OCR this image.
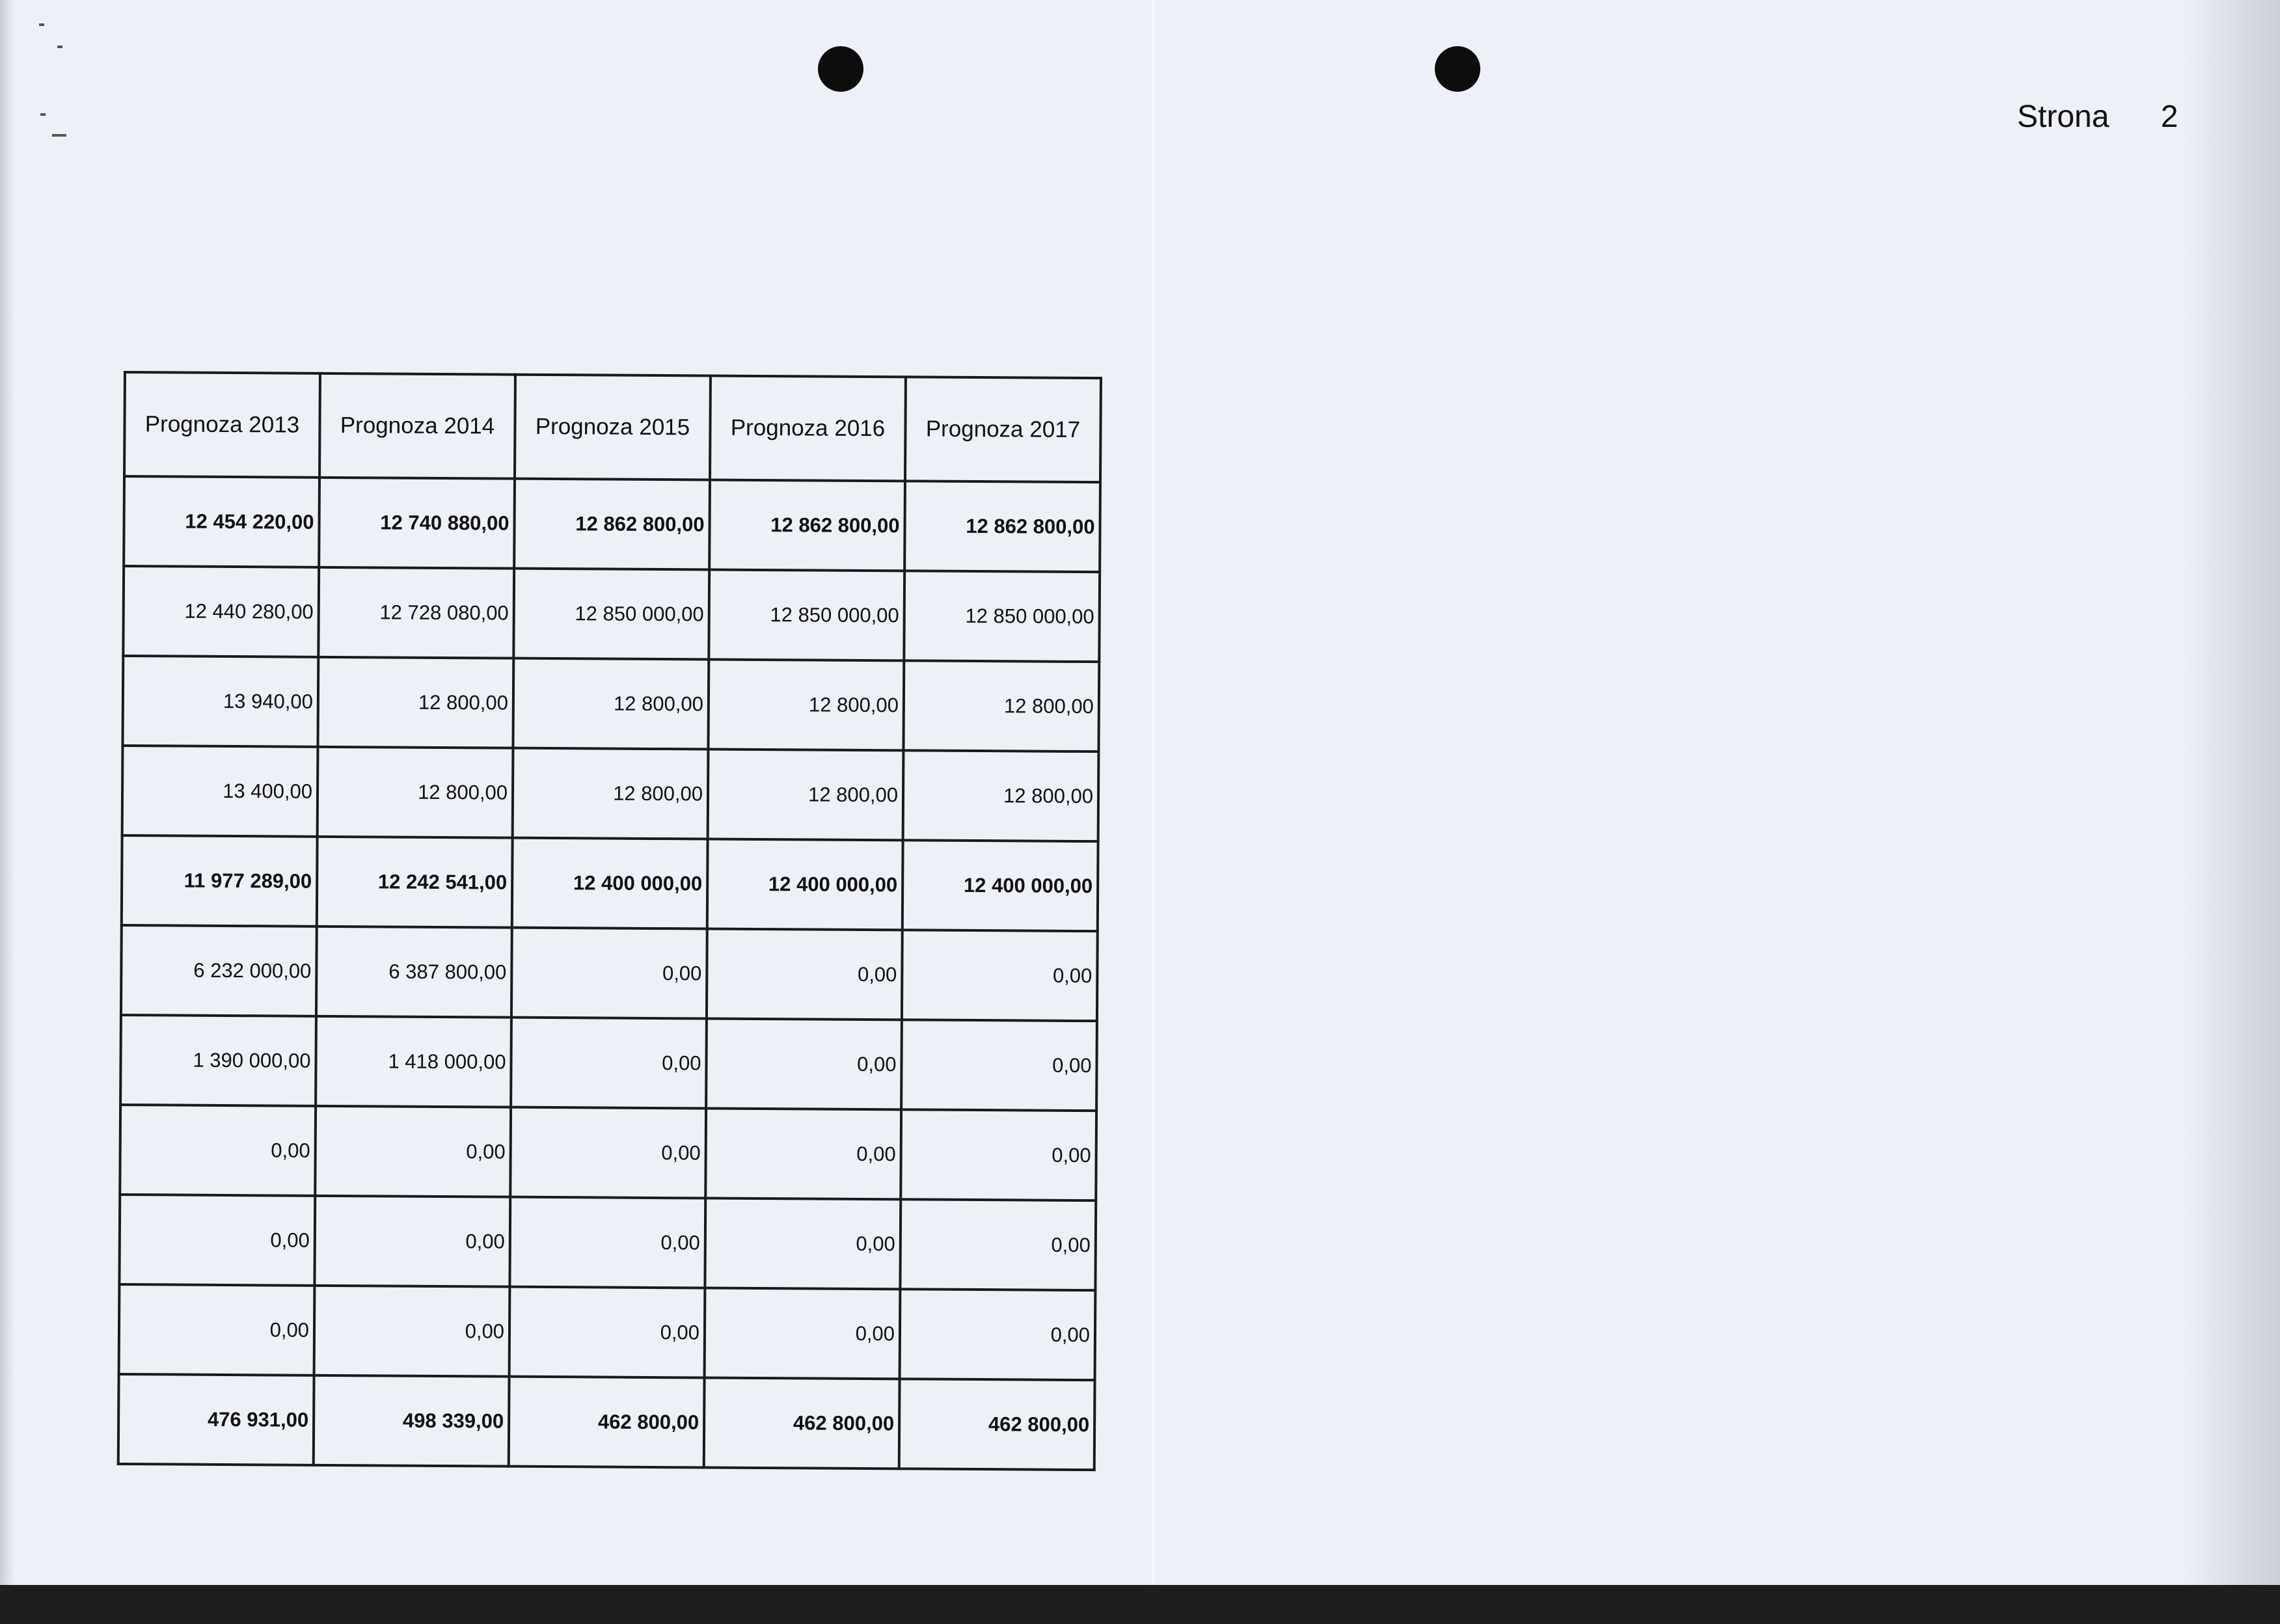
Strona 2
Prognoza 2013	Prognoza 2014	Prognoza 2015	Prognoza 2016	Prognoza 2017
12 454 220,00	12 740 880,00	12 862 800,00	12 862 800,00	12 862 800,00
12 440 280,00	12 728 080,00	12 850 000,00	12 850 000,00	12 850 000,00
13 940,00	12 800,00	12 800,00	12 800,00	12 800,00
13 400,00	12 800,00	12 800,00	12 800,00	12 800,00
11 977 289,00	12 242 541,00	12 400 000,00	12 400 000,00	12 400 000,00
6 232 000,00	6 387 800,00	0,00	0,00	0,00
1 390 000,00	1 418 000,00	0,00	0,00	0,00
0,00	0,00	0,00	0,00	0,00
0,00	0,00	0,00	0,00	0,00
0,00	0,00	0,00	0,00	0,00
476 931,00	498 339,00	462 800,00	462 800,00	462 800,00
